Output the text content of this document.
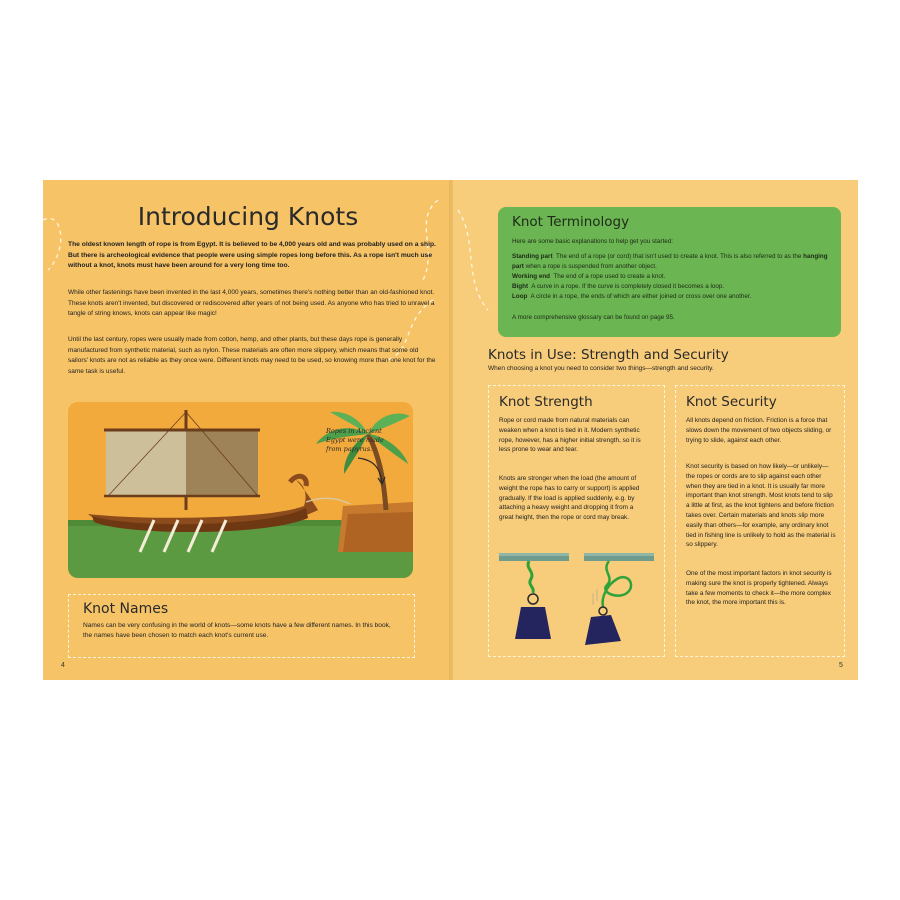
Introducing Knots
The oldest known length of rope is from Egypt. It is believed to be 4,000 years old and was probably used on a ship. But there is archeological evidence that people were using simple ropes long before this. As a rope isn't much use without a knot, knots must have been around for a very long time too.
While other fastenings have been invented in the last 4,000 years, sometimes there's nothing better than an old-fashioned knot. These knots aren't invented, but discovered or rediscovered after years of not being used. As anyone who has tried to unravel a tangle of string knows, knots can appear like magic!
Until the last century, ropes were usually made from cotton, hemp, and other plants, but these days rope is generally manufactured from synthetic material, such as nylon. These materials are often more slippery, which means that some old sailors' knots are not as reliable as they once were. Different knots may need to be used, so knowing more than one knot for the same task is useful.
Ropes in Ancient Egypt were made from papyrus.
Knot Names
Names can be very confusing in the world of knots—some knots have a few different names. In this book, the names have been chosen to match each knot's current use.
4
Knot Terminology
Here are some basic explanations to help get you started:
Standing part The end of a rope (or cord) that isn't used to create a knot. This is also referred to as the hanging part when a rope is suspended from another object.
Working end The end of a rope used to create a knot.
Bight A curve in a rope. If the curve is completely closed it becomes a loop.
Loop A circle in a rope, the ends of which are either joined or cross over one another.
A more comprehensive glossary can be found on page 95.
Knots in Use: Strength and Security
When choosing a knot you need to consider two things—strength and security.
Knot Strength
Rope or cord made from natural materials can weaken when a knot is tied in it. Modern synthetic rope, however, has a higher initial strength, so it is less prone to wear and tear.
Knots are stronger when the load (the amount of weight the rope has to carry or support) is applied gradually. If the load is applied suddenly, e.g. by attaching a heavy weight and dropping it from a great height, then the rope or cord may break.
Knot Security
All knots depend on friction. Friction is a force that slows down the movement of two objects sliding, or trying to slide, against each other.
Knot security is based on how likely—or unlikely—the ropes or cords are to slip against each other when they are tied in a knot. It is usually far more important than knot strength. Most knots tend to slip a little at first, as the knot tightens and before friction takes over. Certain materials and knots slip more easily than others—for example, any ordinary knot tied in fishing line is unlikely to hold as the material is so slippery.
One of the most important factors in knot security is making sure the knot is properly tightened. Always take a few moments to check it—the more complex the knot, the more important this is.
5
